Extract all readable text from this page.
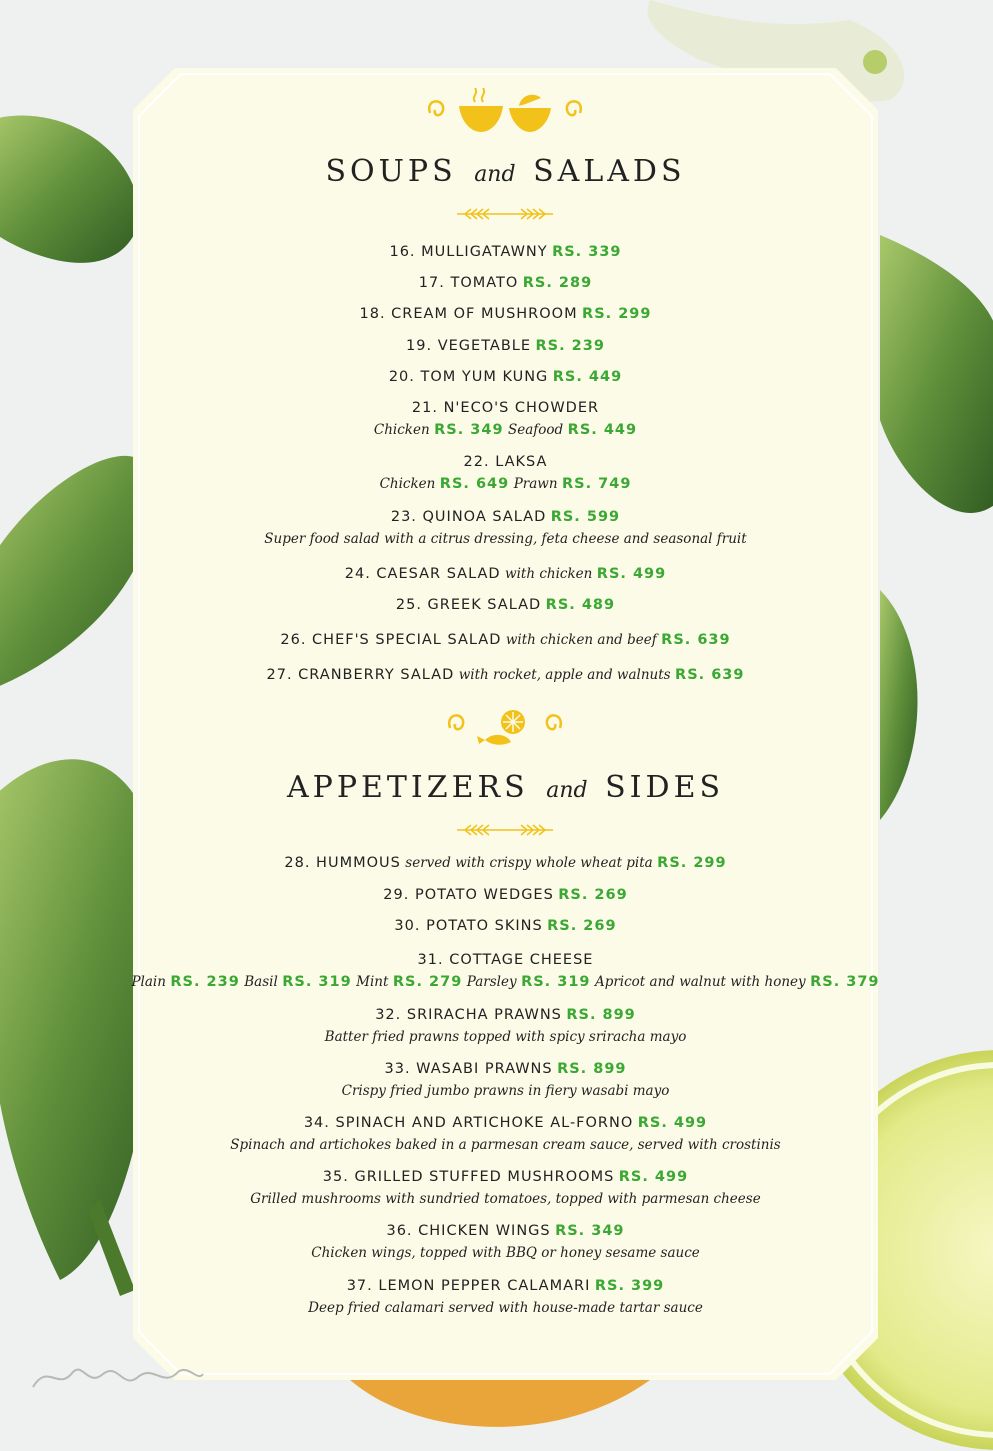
SOUPS and SALADS
16. MULLIGATAWNY RS. 339
17. TOMATO RS. 289
18. CREAM OF MUSHROOM RS. 299
19. VEGETABLE RS. 239
20. TOM YUM KUNG RS. 449
21. N'ECO'S CHOWDER
Chicken RS. 349 Seafood RS. 449
22. LAKSA
Chicken RS. 649 Prawn RS. 749
23. QUINOA SALAD RS. 599
Super food salad with a citrus dressing, feta cheese and seasonal fruit
24. CAESAR SALAD with chicken RS. 499
25. GREEK SALAD RS. 489
26. CHEF'S SPECIAL SALAD with chicken and beef RS. 639
27. CRANBERRY SALAD with rocket, apple and walnuts RS. 639
APPETIZERS and SIDES
28. HUMMOUS served with crispy whole wheat pita RS. 299
29. POTATO WEDGES RS. 269
30. POTATO SKINS RS. 269
31. COTTAGE CHEESE
Plain RS. 239 Basil RS. 319 Mint RS. 279 Parsley RS. 319 Apricot and walnut with honey RS. 379
32. SRIRACHA PRAWNS RS. 899
Batter fried prawns topped with spicy sriracha mayo
33. WASABI PRAWNS RS. 899
Crispy fried jumbo prawns in fiery wasabi mayo
34. SPINACH AND ARTICHOKE AL-FORNO RS. 499
Spinach and artichokes baked in a parmesan cream sauce, served with crostinis
35. GRILLED STUFFED MUSHROOMS RS. 499
Grilled mushrooms with sundried tomatoes, topped with parmesan cheese
36. CHICKEN WINGS RS. 349
Chicken wings, topped with BBQ or honey sesame sauce
37. LEMON PEPPER CALAMARI RS. 399
Deep fried calamari served with house-made tartar sauce
